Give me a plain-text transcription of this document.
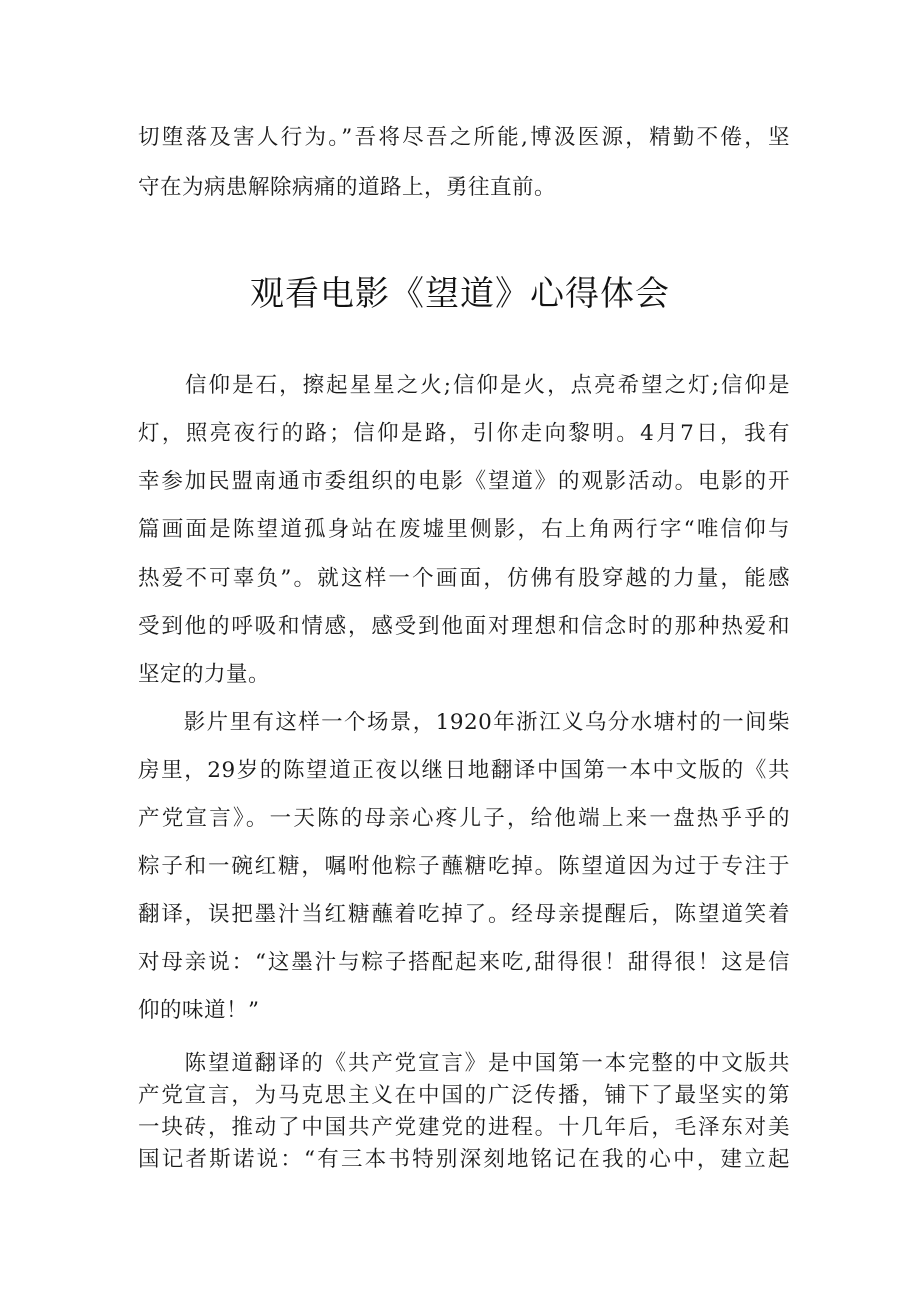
切堕落及害人行为。”吾将尽吾之所能,博汲医源，精勤不倦，坚
守在为病患解除病痛的道路上，勇往直前。
观看电影《望道》心得体会
　　信仰是石，擦起星星之火;信仰是火，点亮希望之灯;信仰是
灯，照亮夜行的路；信仰是路，引你走向黎明。4月7日，我有
幸参加民盟南通市委组织的电影《望道》的观影活动。电影的开
篇画面是陈望道孤身站在废墟里侧影，右上角两行字“唯信仰与
热爱不可辜负”。就这样一个画面，仿佛有股穿越的力量，能感
受到他的呼吸和情感，感受到他面对理想和信念时的那种热爱和
坚定的力量。
　　影片里有这样一个场景，1920年浙江义乌分水塘村的一间柴
房里，29岁的陈望道正夜以继日地翻译中国第一本中文版的《共
产党宣言》。一天陈的母亲心疼儿子，给他端上来一盘热乎乎的
粽子和一碗红糖，嘱咐他粽子蘸糖吃掉。陈望道因为过于专注于
翻译，误把墨汁当红糖蘸着吃掉了。经母亲提醒后，陈望道笑着
对母亲说：“这墨汁与粽子搭配起来吃,甜得很！甜得很！这是信
仰的味道！”
　　陈望道翻译的《共产党宣言》是中国第一本完整的中文版共
产党宣言，为马克思主义在中国的广泛传播，铺下了最坚实的第
一块砖，推动了中国共产党建党的进程。十几年后，毛泽东对美
国记者斯诺说：“有三本书特别深刻地铭记在我的心中，建立起
